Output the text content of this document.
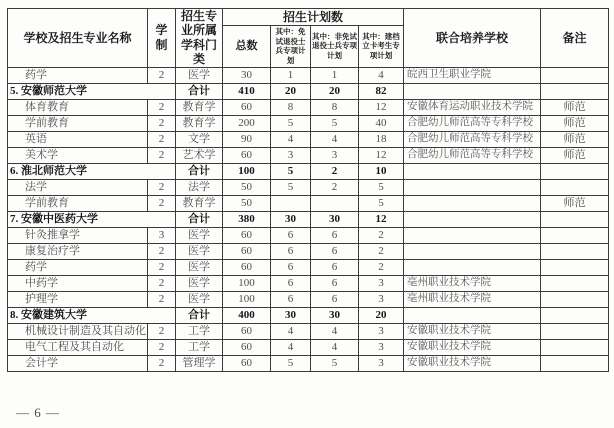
学校及招生专业名称	学制	招生专业所属学科门类	招生计划数				联合培养学校	备注
			总数	其中：免试退役士兵专项计划	其中：非免试退役士兵专项计划	其中：建档立卡考生专项计划		
药学	2	医学	30	1	1	4	皖西卫生职业学院	
5. 安徽师范大学		合计	410	20	20	82		
体育教育	2	教育学	60	8	8	12	安徽体育运动职业技术学院	师范
学前教育	2	教育学	200	5	5	40	合肥幼儿师范高等专科学校	师范
英语	2	文学	90	4	4	18	合肥幼儿师范高等专科学校	师范
美术学	2	艺术学	60	3	3	12	合肥幼儿师范高等专科学校	师范
6. 淮北师范大学		合计	100	5	2	10		
法学	2	法学	50	5	2	5		
学前教育	2	教育学	50			5		师范
7. 安徽中医药大学		合计	380	30	30	12		
针灸推拿学	3	医学	60	6	6	2		
康复治疗学	2	医学	60	6	6	2		
药学	2	医学	60	6	6	2		
中药学	2	医学	100	6	6	3	亳州职业技术学院	
护理学	2	医学	100	6	6	3	亳州职业技术学院	
8. 安徽建筑大学		合计	400	30	30	20		
机械设计制造及其自动化	2	工学	60	4	4	3	安徽职业技术学院	
电气工程及其自动化	2	工学	60	4	4	3	安徽职业技术学院	
会计学	2	管理学	60	5	5	3	安徽职业技术学院	
— 6 —
